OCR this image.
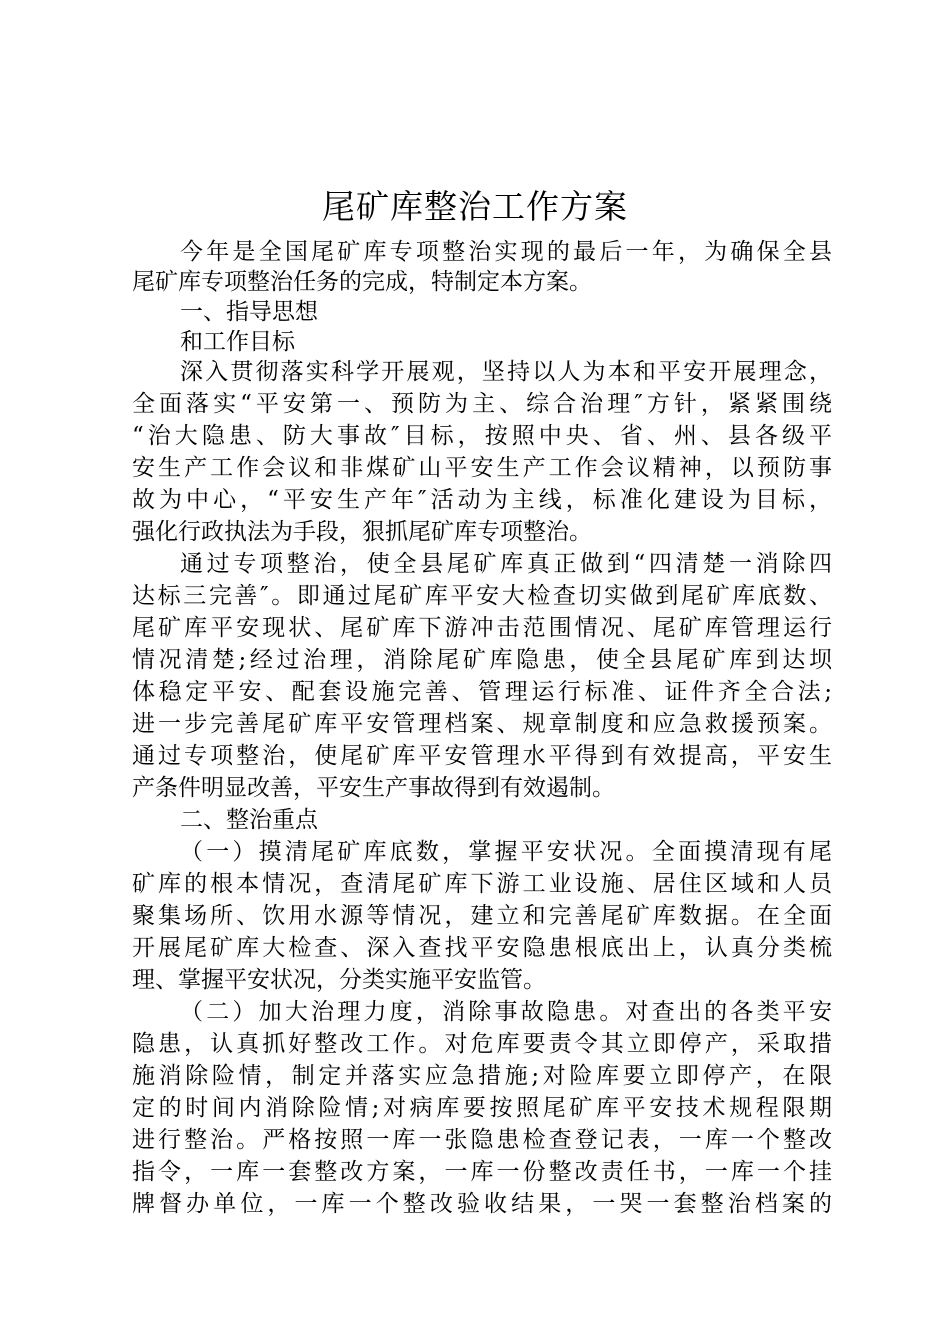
尾矿库整治工作方案

今年是全国尾矿库专项整治实现的最后一年，为确保全县

尾矿库专项整治任务的完成，特制定本方案。

一、指导思想

和工作目标

深入贯彻落实科学开展观，坚持以人为本和平安开展理念，

全面落实“平安第一、预防为主、综合治理″方针，紧紧围绕

“治大隐患、防大事故″目标，按照中央、省、州、县各级平

安生产工作会议和非煤矿山平安生产工作会议精神，以预防事

故为中心，“平安生产年″活动为主线，标准化建设为目标，

强化行政执法为手段，狠抓尾矿库专项整治。

通过专项整治，使全县尾矿库真正做到“四清楚一消除四

达标三完善″。即通过尾矿库平安大检查切实做到尾矿库底数、

尾矿库平安现状、尾矿库下游冲击范围情况、尾矿库管理运行

情况清楚;经过治理，消除尾矿库隐患，使全县尾矿库到达坝

体稳定平安、配套设施完善、管理运行标准、证件齐全合法;

进一步完善尾矿库平安管理档案、规章制度和应急救援预案。

通过专项整治，使尾矿库平安管理水平得到有效提高，平安生

产条件明显改善，平安生产事故得到有效遏制。

二、整治重点

（一）摸清尾矿库底数，掌握平安状况。全面摸清现有尾

矿库的根本情况，查清尾矿库下游工业设施、居住区域和人员

聚集场所、饮用水源等情况，建立和完善尾矿库数据。在全面

开展尾矿库大检查、深入查找平安隐患根底出上，认真分类梳

理、掌握平安状况，分类实施平安监管。

（二）加大治理力度，消除事故隐患。对查出的各类平安

隐患，认真抓好整改工作。对危库要责令其立即停产，采取措

施消除险情，制定并落实应急措施;对险库要立即停产，在限

定的时间内消除险情;对病库要按照尾矿库平安技术规程限期

进行整治。严格按照一库一张隐患检查登记表，一库一个整改

指令，一库一套整改方案，一库一份整改责任书，一库一个挂

牌督办单位，一库一个整改验收结果，一哭一套整治档案的
